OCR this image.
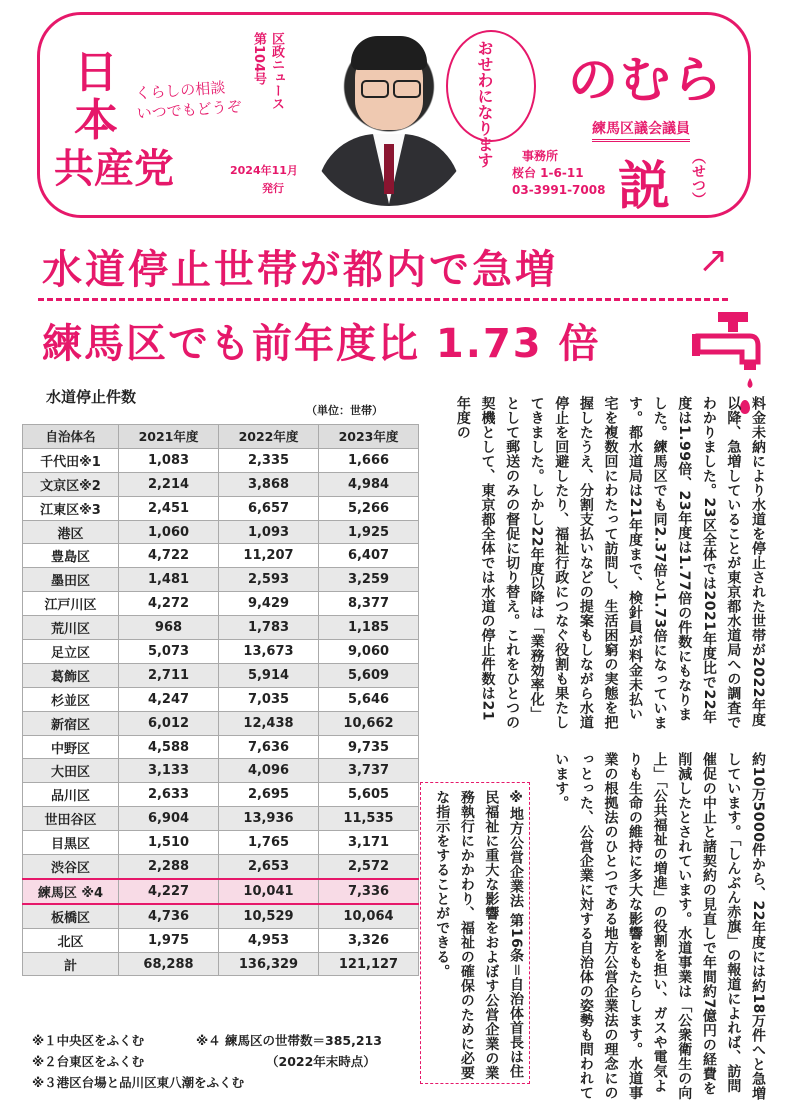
日
本
共産党
くらしの相談
いつでもどうぞ 区政ニュース
第104号
2024年11月
発行
おせわになります のむら
練馬区議会議員
事務所
桜台 1-6-11
03-3991-7008 説 （せつ）
水道停止世帯が都内で急増	↗
練馬区でも前年度比 1.73 倍
水道停止件数
（単位：世帯）
自治体名	2021年度	2022年度	2023年度
千代田※1	1,083	2,335	1,666
文京区※2	2,214	3,868	4,984
江東区※3	2,451	6,657	5,266
港区	1,060	1,093	1,925
豊島区	4,722	11,207	6,407
墨田区	1,481	2,593	3,259
江戸川区	4,272	9,429	8,377
荒川区	968	1,783	1,185
足立区	5,073	13,673	9,060
葛飾区	2,711	5,914	5,609
杉並区	4,247	7,035	5,646
新宿区	6,012	12,438	10,662
中野区	4,588	7,636	9,735
大田区	3,133	4,096	3,737
品川区	2,633	2,695	5,605
世田谷区	6,904	13,936	11,535
目黒区	1,510	1,765	3,171
渋谷区	2,288	2,653	2,572
練馬区 ※4	4,227	10,041	7,336
板橋区	4,736	10,529	10,064
北区	1,975	4,953	3,326
計	68,288	136,329	121,127
※１中央区をふくむ
※２台東区をふくむ
※３港区台場と品川区東八潮をふくむ
※４ 練馬区の世帯数＝385,213
（2022年末時点）
料金未納により水道を停止された世帯が2022年度以降、急増していることが東京都水道局への調査でわかりました。23区全体では2021年度比で22年度は1.99倍、23年度は1.77倍の件数にもなりました。練馬区でも同2.37倍と1.73倍になっています。都水道局は21年度まで、検針員が料金未払い宅を複数回にわたって訪問し、生活困窮の実態を把握したうえ、分割支払いなどの提案もしながら水道停止を回避したり、福祉行政につなぐ役割も果たしてきました。しかし22年度以降は「業務効率化」として郵送のみの督促に切り替え。これをひとつの契機として、東京都全体では水道の停止件数は21年度の
約10万5000件から、22年度には約18万件へと急増しています。「しんぶん赤旗」の報道によれば、訪問催促の中止と諸契約の見直しで年間約7億円の経費を削減したとされています。水道事業は「公衆衛生の向上」「公共福祉の増進」の役割を担い、ガスや電気よりも生命の維持に多大な影響をもたらします。水道事業の根拠法のひとつである地方公営企業法の理念にのっとった、公営企業に対する自治体の姿勢も問われています。
※地方公営企業法 第16条＝自治体首長は住民福祉に重大な影響をおよぼす公営企業の業務執行にかかわり、福祉の確保のために必要な指示をすることができる。
